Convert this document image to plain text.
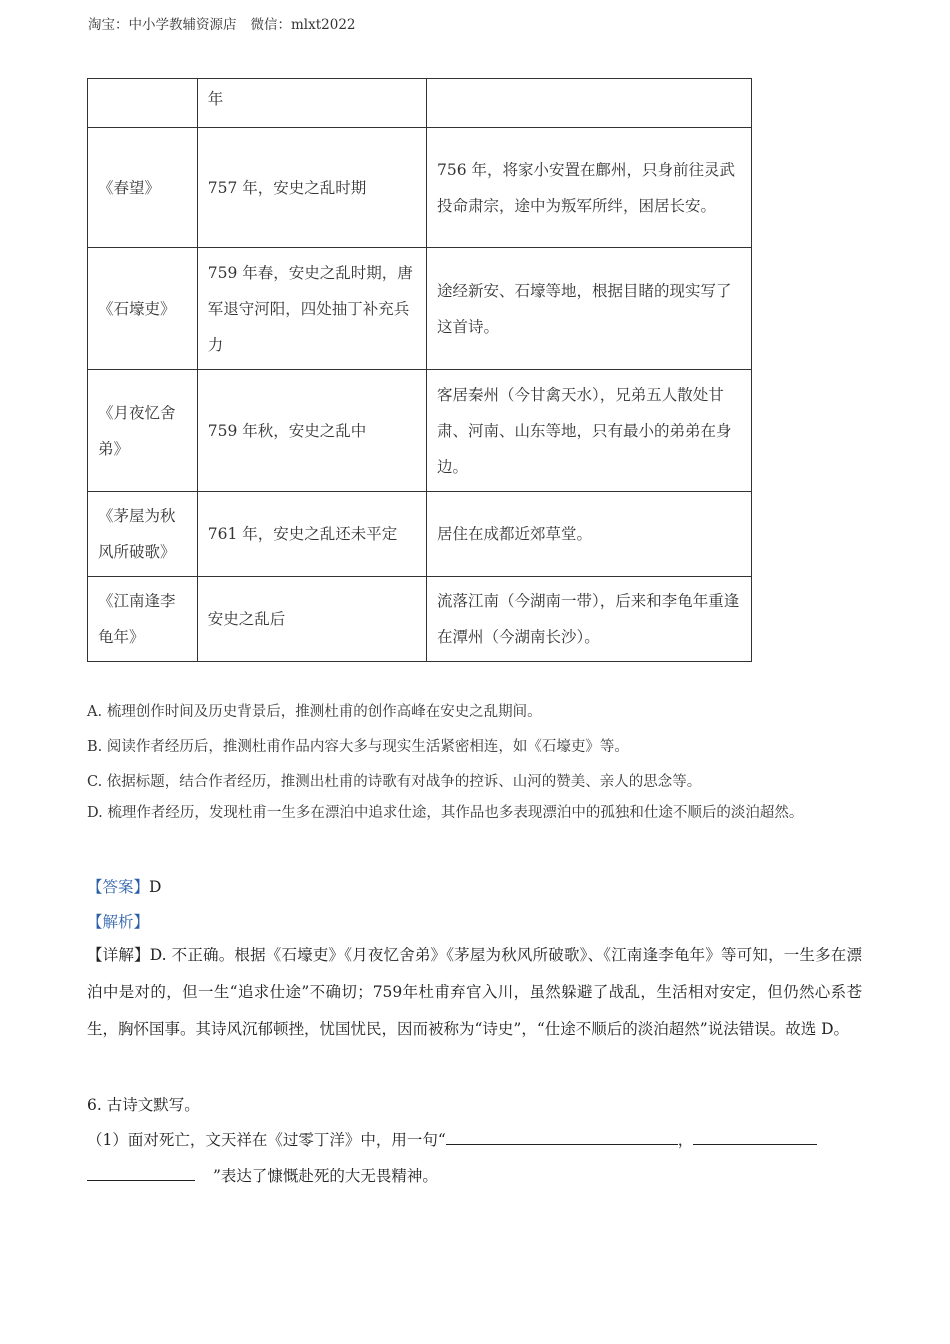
淘宝：中小学教辅资源店 微信：mlxt2022
	年	
《春望》	757 年，安史之乱时期	756 年，将家小安置在鄜州，只身前往灵武投命肃宗，途中为叛军所绊，困居长安。
《石壕吏》	759 年春，安史之乱时期，唐军退守河阳，四处抽丁补充兵力	途经新安、石壕等地，根据目睹的现实写了这首诗。
《月夜忆舍弟》	759 年秋，安史之乱中	客居秦州（今甘禽天水），兄弟五人散处甘肃、河南、山东等地，只有最小的弟弟在身边。
《茅屋为秋风所破歌》	761 年，安史之乱还未平定	居住在成都近郊草堂。
《江南逢李龟年》	安史之乱后	流落江南（今湖南一带），后来和李龟年重逢在潭州（今湖南长沙）。
A. 梳理创作时间及历史背景后，推测杜甫的创作高峰在安史之乱期间。
B. 阅读作者经历后，推测杜甫作品内容大多与现实生活紧密相连，如《石壕吏》等。
C. 依据标题，结合作者经历，推测出杜甫的诗歌有对战争的控诉、山河的赞美、亲人的思念等。
D. 梳理作者经历，发现杜甫一生多在漂泊中追求仕途，其作品也多表现漂泊中的孤独和仕途不顺后的淡泊超然。
【答案】D
【解析】
【详解】D. 不正确。根据《石壕吏》《月夜忆舍弟》《茅屋为秋风所破歌》、《江南逢李龟年》等可知，一生多在漂泊中是对的，但一生“追求仕途”不确切；759年杜甫弃官入川，虽然躲避了战乱，生活相对安定，但仍然心系苍生，胸怀国事。其诗风沉郁顿挫，忧国忧民，因而被称为“诗史”，“仕途不顺后的淡泊超然”说法错误。故选 D。
6. 古诗文默写。
（1）面对死亡，文天祥在《过零丁洋》中，用一句“	，
”表达了慷慨赴死的大无畏精神。
